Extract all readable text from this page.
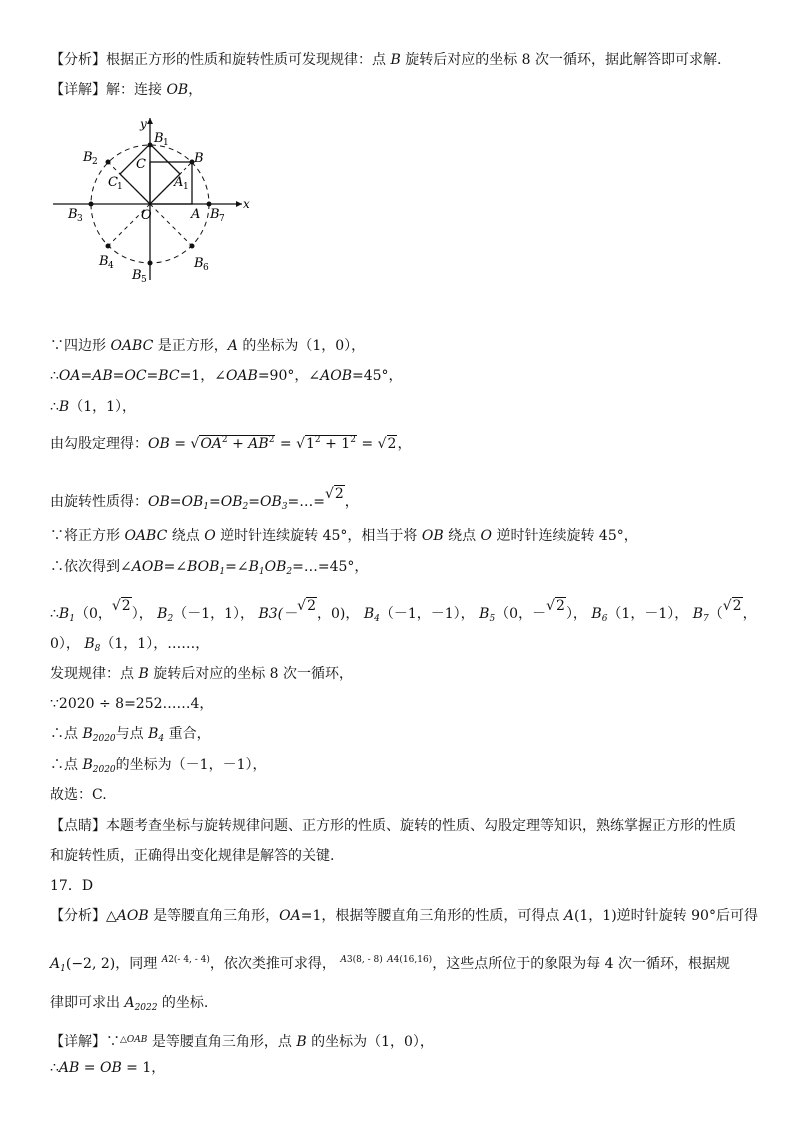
【分析】根据正方形的性质和旋转性质可发现规律：点 B 旋转后对应的坐标 8 次一循环，据此解答即可求解.
【详解】解：连接 OB，
y
x
B 1
B
B 2	C
C 1	A 1
B 3	O	A B 7
B 4	B 6
B 5
∵四边形 OABC 是正方形，A 的坐标为（1，0），
∴OA=AB=OC=BC=1，∠OAB=90°，∠AOB=45°，
∴B（1，1），
由勾股定理得：OB = $√OA^2 + AB^2 = √1^2 + 1^2 = √2$，
由旋转性质得：$OB=OB_1=OB_2=OB_3=\dots=√2$，
∵将正方形 OABC 绕点 O 逆时针连续旋转 45°，相当于将 OB 绕点 O 逆时针连续旋转 45°，
∴依次得到$\angle AOB=\angle BOB_1=\angle B_1OB_2=\dots=45^\circ$，
$\therefore B_1(0$，√2）， $B_2(-1$，1）， B3(－√2，0)， $B_4(-1$，－1）， $B_5(0$，－√2）， $B_6(1$，－1）， $B_7(√2$，
0）， $B_8(1$，1），……，
发现规律：点 B 旋转后对应的坐标 8 次一循环，
∵2020 ÷ 8=252……4，
∴点 $B_{2020}$与点 $B_4$ 重合，
∴点 $B_{2020}$的坐标为（－1，－1），
故选：C.
【点睛】本题考查坐标与旋转规律问题、正方形的性质、旋转的性质、勾股定理等知识，熟练掌握正方形的性质
和旋转性质，正确得出变化规律是解答的关键.
17．D
【分析】△AOB 是等腰直角三角形，OA=1，根据等腰直角三角形的性质，可得点 A(1，1)逆时针旋转 90°后可得
$A_1(-2$, 2)，同理 $^{A2(- 4, - 4)}$，依次类推可求得， $^{A3(8, - 8)}$ $^{A4(16,16)}$，这些点所位于的象限为每 4 次一循环，根据规
律即可求出 $A_{2022}$ 的坐标.
【详解】∵$^{\triangle OAB}$ 是等腰直角三角形，点 B 的坐标为（1，0），
∴AB = OB = 1，
